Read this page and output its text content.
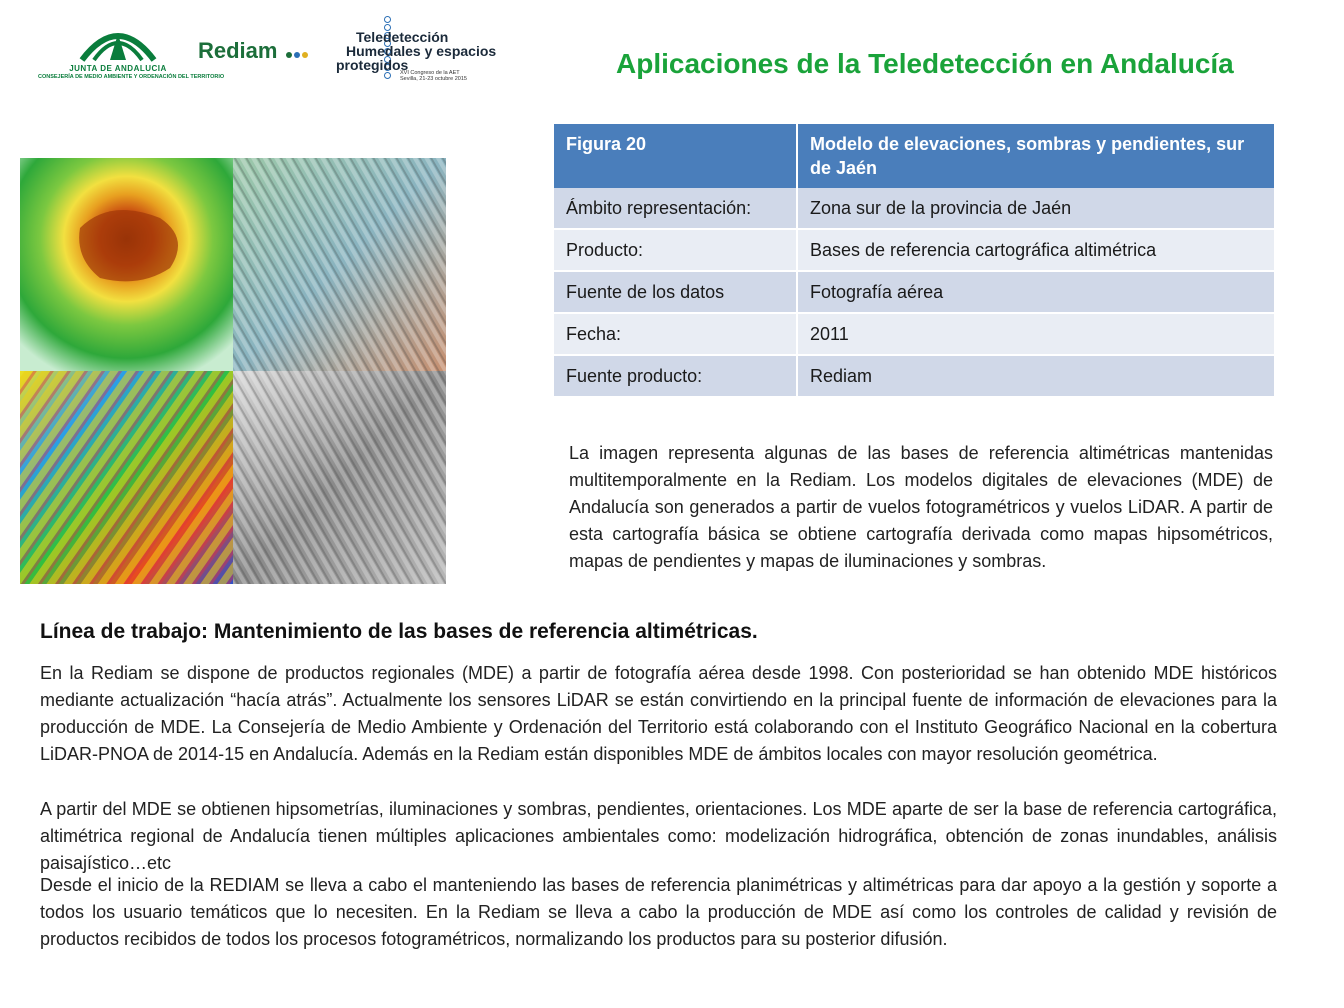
JUNTA DE ANDALUCIA
CONSEJERÍA DE MEDIO AMBIENTE Y ORDENACIÓN DEL TERRITORIO
Rediam
Teledetección
Humedales y espacios
protegidos
XVI Congreso de la AET
Sevilla, 21-23 octubre 2015	Aplicaciones de la Teledetección en Andalucía
Figura 20	Modelo de elevaciones, sombras y pendientes, sur de Jaén
Ámbito representación:	Zona sur de la provincia de Jaén
Producto:	Bases de referencia cartográfica altimétrica
Fuente de los datos	Fotografía aérea
Fecha:	2011
Fuente producto:	Rediam
La imagen representa algunas de las bases de referencia altimétricas mantenidas multitemporalmente en la Rediam. Los modelos digitales de elevaciones (MDE) de Andalucía son generados a partir de vuelos fotogramétricos y vuelos LiDAR. A partir de esta cartografía básica se obtiene cartografía derivada como mapas hipsométricos, mapas de pendientes y mapas de iluminaciones y sombras.
Línea de trabajo: Mantenimiento de las bases de referencia altimétricas.
En la Rediam se dispone de productos regionales (MDE) a partir de fotografía aérea desde 1998. Con posterioridad se han obtenido MDE históricos mediante actualización “hacía atrás”. Actualmente los sensores LiDAR se están convirtiendo en la principal fuente de información de elevaciones para la producción de MDE. La Consejería de Medio Ambiente y Ordenación del Territorio está colaborando con el Instituto Geográfico Nacional en la cobertura LiDAR-PNOA de 2014-15 en Andalucía. Además en la Rediam están disponibles MDE de ámbitos locales con mayor resolución geométrica.
A partir del MDE se obtienen hipsometrías, iluminaciones y sombras, pendientes, orientaciones. Los MDE aparte de ser la base de referencia cartográfica, altimétrica regional de Andalucía tienen múltiples aplicaciones ambientales como: modelización hidrográfica, obtención de zonas inundables, análisis paisajístico…etc
Desde el inicio de la REDIAM se lleva a cabo el manteniendo las bases de referencia planimétricas y altimétricas para dar apoyo a la gestión y soporte a todos los usuario temáticos que lo necesiten. En la Rediam se lleva a cabo la producción de MDE así como los controles de calidad y revisión de productos recibidos de todos los procesos fotogramétricos, normalizando los productos para su posterior difusión.
